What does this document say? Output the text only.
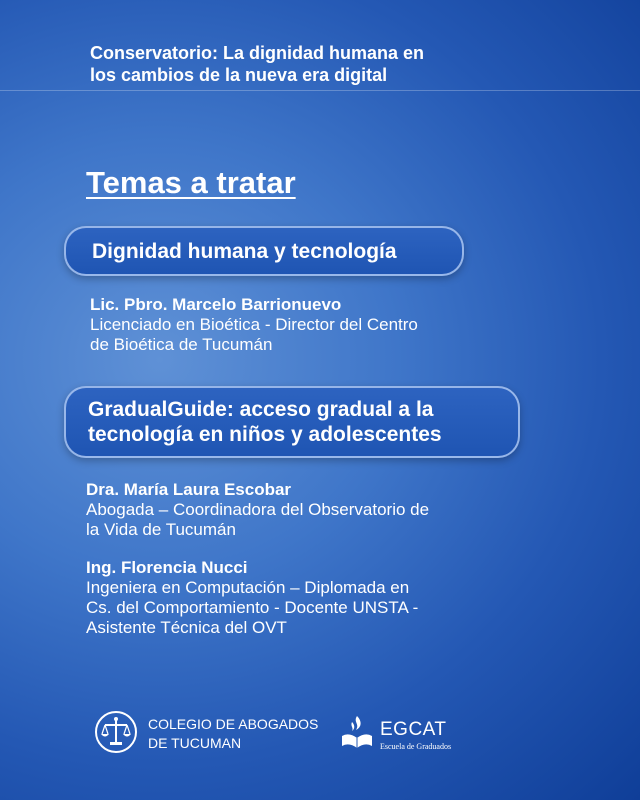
Conservatorio: La dignidad humana en
los cambios de la nueva era digital
Temas a tratar
Dignidad humana y tecnología
Lic. Pbro. Marcelo Barrionuevo
Licenciado en Bioética - Director del Centro
de Bioética de Tucumán
GradualGuide: acceso gradual a la
tecnología en niños y adolescentes
Dra. María Laura Escobar
Abogada – Coordinadora del Observatorio de
la Vida de Tucumán
Ing. Florencia Nucci
Ingeniera en Computación – Diplomada en
Cs. del Comportamiento - Docente UNSTA -
Asistente Técnica del OVT
COLEGIO DE ABOGADOS
DE TUCUMAN
EGCAT
Escuela de Graduados
